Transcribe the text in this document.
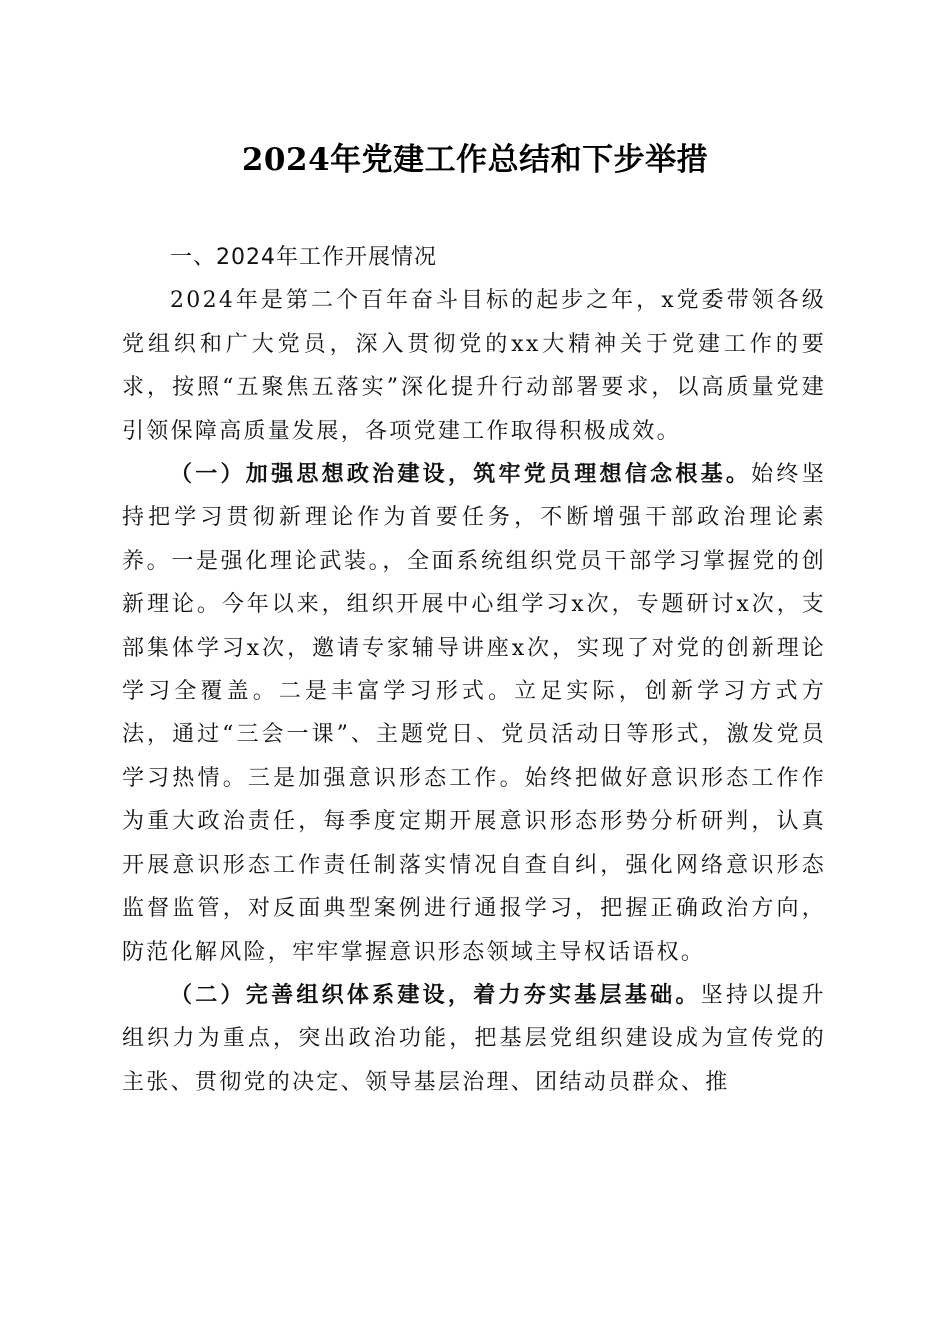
2024年党建工作总结和下步举措

一、2024年工作开展情况

2024年是第二个百年奋斗目标的起步之年，x党委带领各级党组织和广大党员，深入贯彻党的xx大精神关于党建工作的要求，按照“五聚焦五落实”深化提升行动部署要求，以高质量党建引领保障高质量发展，各项党建工作取得积极成效。

（一）加强思想政治建设，筑牢党员理想信念根基。始终坚持把学习贯彻新理论作为首要任务，不断增强干部政治理论素养。一是强化理论武装。，全面系统组织党员干部学习掌握党的创新理论。今年以来，组织开展中心组学习x次，专题研讨x次，支部集体学习x次，邀请专家辅导讲座x次，实现了对党的创新理论学习全覆盖。二是丰富学习形式。立足实际，创新学习方式方法，通过“三会一课”、主题党日、党员活动日等形式，激发党员学习热情。三是加强意识形态工作。始终把做好意识形态工作作为重大政治责任，每季度定期开展意识形态形势分析研判，认真开展意识形态工作责任制落实情况自查自纠，强化网络意识形态监督监管，对反面典型案例进行通报学习，把握正确政治方向，防范化解风险，牢牢掌握意识形态领域主导权话语权。

（二）完善组织体系建设，着力夯实基层基础。坚持以提升组织力为重点，突出政治功能，把基层党组织建设成为宣传党的主张、贯彻党的决定、领导基层治理、团结动员群众、推
